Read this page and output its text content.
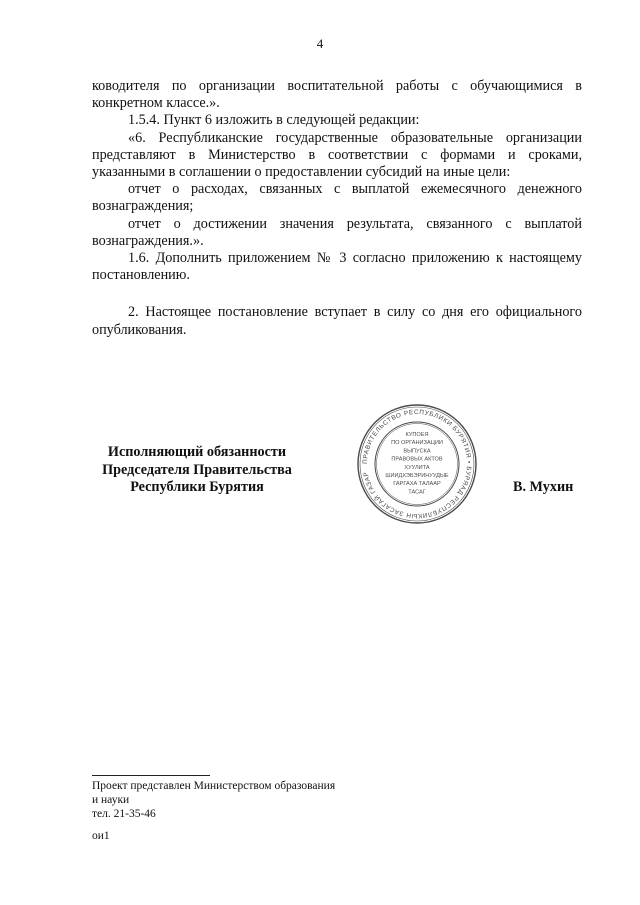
4

ководителя по организации воспитательной работы с обучающимися в конкретном классе.».

1.5.4. Пункт 6 изложить в следующей редакции:

«6. Республиканские государственные образовательные организации представляют в Министерство в соответствии с формами и сроками, указанными в соглашении о предоставлении субсидий на иные цели:

отчет о расходах, связанных с выплатой ежемесячного денежного вознаграждения;

отчет о достижении значения результата, связанного с выплатой вознаграждения.».

1.6. Дополнить приложением № 3 согласно приложению к настоящему постановлению.

2. Настоящее постановление вступает в силу со дня его официального опубликования.

Исполняющий обязанности
Председателя Правительства
Республики Бурятия
ПРАВИТЕЛЬСТВО РЕСПУБЛИКИ БУРЯТИЯ • БУРЯАД РЕСПУБЛИКЫН ЗАСАГАЙ ГАЗАР
КУПОЕЯ
ПО ОРГАНИЗАЦИИ
ВЫПУСКА
ПРАВОВЫХ АКТОВ
ХУУЛИТА
ШИИДХЭБЭРИНУУДЫЕ
ГАРГАХА ТАЛААР
ТАСАГ	В. Мухин
Проект представлен Министерством образования
и науки
тел. 21-35-46
ои1
